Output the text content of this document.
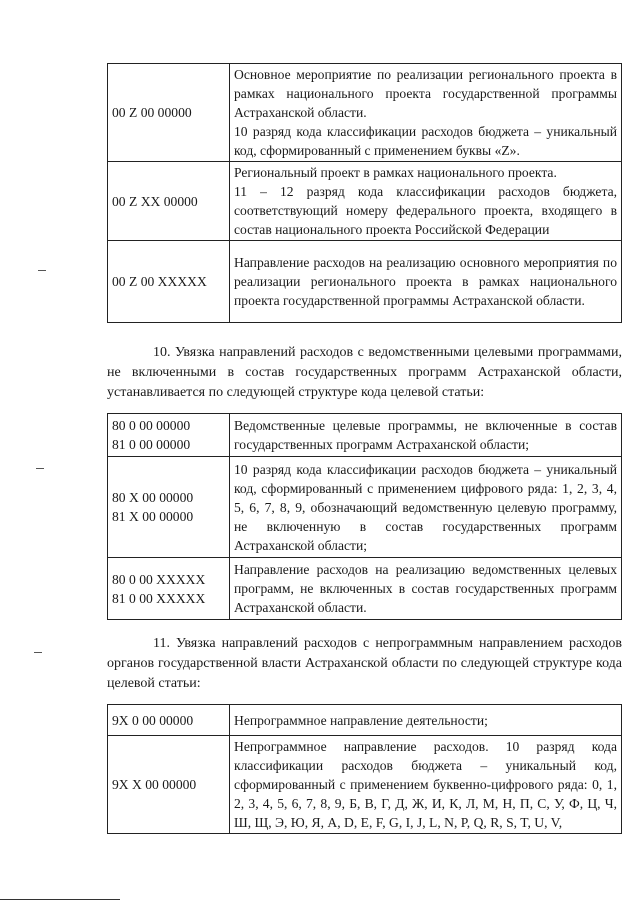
00 Z 00 00000	Основное мероприятие по реализации регионального проекта в рамках национального проекта государственной программы Астраханской области.
10 разряд кода классификации расходов бюджета – уникальный код, сформированный с применением буквы «Z».

00 Z XX 00000	Региональный проект в рамках национального проекта.
11 – 12 разряд кода классификации расходов бюджета, соответствующий номеру федерального проекта, входящего в состав национального проекта Российской Федерации

00 Z 00 XXXXX	Направление расходов на реализацию основного мероприятия по реализации регионального проекта в рамках национального проекта государственной программы Астраханской области.

10. Увязка направлений расходов с ведомственными целевыми программами, не включенными в состав государственных программ Астраханской области, устанавливается по следующей структуре кода целевой статьи:

80 0 00 00000
81 0 00 00000	Ведомственные целевые программы, не включенные в состав государственных программ Астраханской области;

80 X 00 00000
81 X 00 00000	10 разряд кода классификации расходов бюджета – уникальный код, сформированный с применением цифрового ряда: 1, 2, 3, 4, 5, 6, 7, 8, 9, обозначающий ведомственную целевую программу, не включенную в состав государственных программ Астраханской области;

80 0 00 XXXXX
81 0 00 XXXXX	Направление расходов на реализацию ведомственных целевых программ, не включенных в состав государственных программ Астраханской области.

11. Увязка направлений расходов с непрограммным направлением расходов органов государственной власти Астраханской области по следующей структуре кода целевой статьи:

9X 0 00 00000	Непрограммное направление деятельности;

9X X 00 00000	Непрограммное направление расходов. 10 разряд кода классификации расходов бюджета – уникальный код, сформированный с применением буквенно-цифрового ряда: 0, 1, 2, 3, 4, 5, 6, 7, 8, 9, Б, В, Г, Д, Ж, И, К, Л, М, Н, П, С, У, Ф, Ц, Ч, Ш, Щ, Э, Ю, Я, A, D, E, F, G, I, J, L, N, P, Q, R, S, T, U, V,
